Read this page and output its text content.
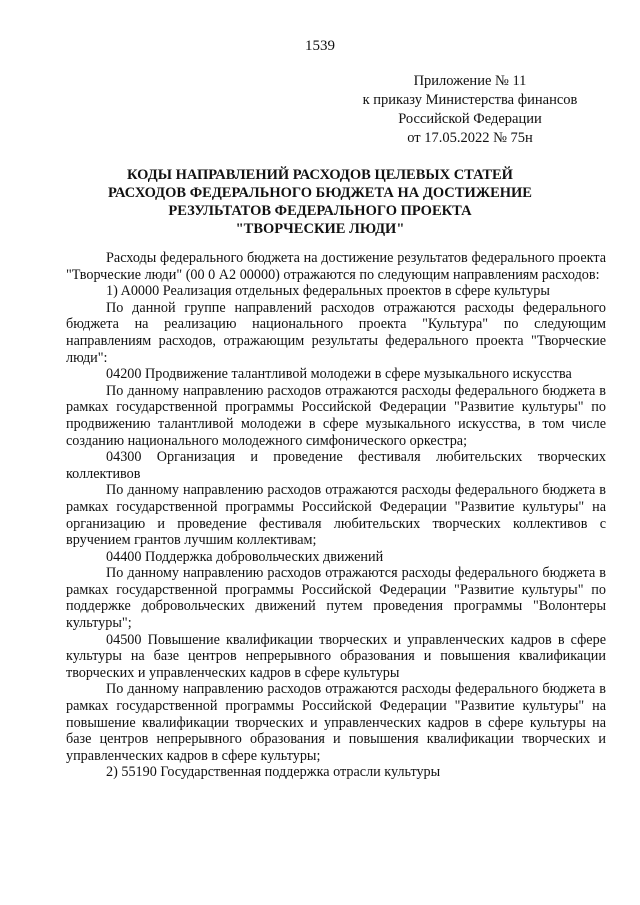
1539
Приложение № 11
к приказу Министерства финансов
Российской Федерации
от 17.05.2022 № 75н
КОДЫ НАПРАВЛЕНИЙ РАСХОДОВ ЦЕЛЕВЫХ СТАТЕЙ
РАСХОДОВ ФЕДЕРАЛЬНОГО БЮДЖЕТА НА ДОСТИЖЕНИЕ
РЕЗУЛЬТАТОВ ФЕДЕРАЛЬНОГО ПРОЕКТА
"ТВОРЧЕСКИЕ ЛЮДИ"

Расходы федерального бюджета на достижение результатов федерального проекта "Творческие люди" (00 0 A2 00000) отражаются по следующим направлениям расходов:

1) A0000 Реализация отдельных федеральных проектов в сфере культуры

По данной группе направлений расходов отражаются расходы федерального бюджета на реализацию национального проекта "Культура" по следующим направлениям расходов, отражающим результаты федерального проекта "Творческие люди":

04200 Продвижение талантливой молодежи в сфере музыкального искусства

По данному направлению расходов отражаются расходы федерального бюджета в рамках государственной программы Российской Федерации "Развитие культуры" по продвижению талантливой молодежи в сфере музыкального искусства, в том числе созданию национального молодежного симфонического оркестра;

04300 Организация и проведение фестиваля любительских творческих коллективов

По данному направлению расходов отражаются расходы федерального бюджета в рамках государственной программы Российской Федерации "Развитие культуры" на организацию и проведение фестиваля любительских творческих коллективов с вручением грантов лучшим коллективам;

04400 Поддержка добровольческих движений

По данному направлению расходов отражаются расходы федерального бюджета в рамках государственной программы Российской Федерации "Развитие культуры" по поддержке добровольческих движений путем проведения программы "Волонтеры культуры";

04500 Повышение квалификации творческих и управленческих кадров в сфере культуры на базе центров непрерывного образования и повышения квалификации творческих и управленческих кадров в сфере культуры

По данному направлению расходов отражаются расходы федерального бюджета в рамках государственной программы Российской Федерации "Развитие культуры" на повышение квалификации творческих и управленческих кадров в сфере культуры на базе центров непрерывного образования и повышения квалификации творческих и управленческих кадров в сфере культуры;

2) 55190 Государственная поддержка отрасли культуры
